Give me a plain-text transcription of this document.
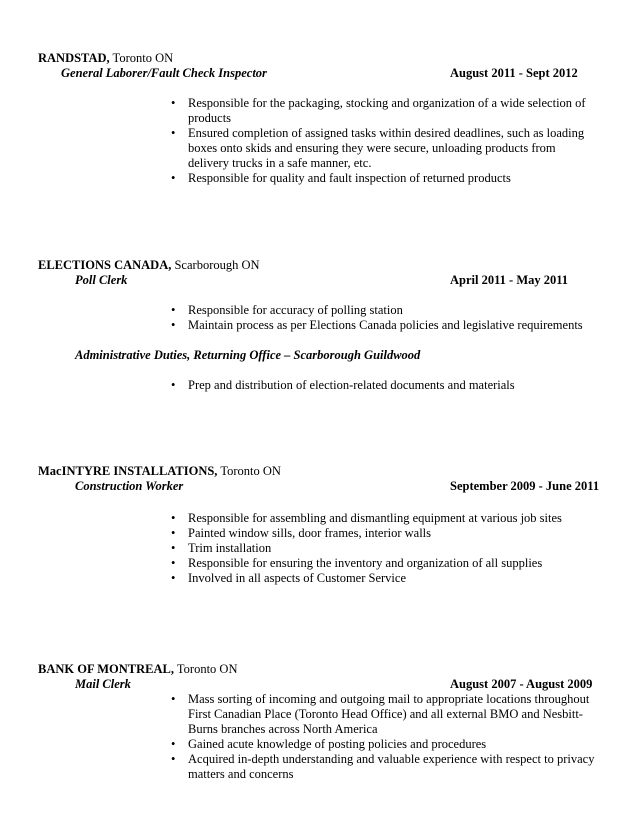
RANDSTAD, Toronto ON
General Laborer/Fault Check Inspector	August 2011 - Sept 2012
• Responsible for the packaging, stocking and organization of a wide selection of products
• Ensured completion of assigned tasks within desired deadlines, such as loading boxes onto skids and ensuring they were secure, unloading products from delivery trucks in a safe manner, etc.
• Responsible for quality and fault inspection of returned products
ELECTIONS CANADA, Scarborough ON
Poll Clerk	April 2011 - May 2011
• Responsible for accuracy of polling station
• Maintain process as per Elections Canada policies and legislative requirements
Administrative Duties, Returning Office – Scarborough Guildwood
• Prep and distribution of election-related documents and materials
MacINTYRE INSTALLATIONS, Toronto ON
Construction Worker	September 2009 - June 2011
• Responsible for assembling and dismantling equipment at various job sites
• Painted window sills, door frames, interior walls
• Trim installation
• Responsible for ensuring the inventory and organization of all supplies
• Involved in all aspects of Customer Service
BANK OF MONTREAL, Toronto ON
Mail Clerk	August 2007 - August 2009
• Mass sorting of incoming and outgoing mail to appropriate locations throughout First Canadian Place (Toronto Head Office) and all external BMO and Nesbitt-Burns branches across North America
• Gained acute knowledge of posting policies and procedures
• Acquired in-depth understanding and valuable experience with respect to privacy matters and concerns
